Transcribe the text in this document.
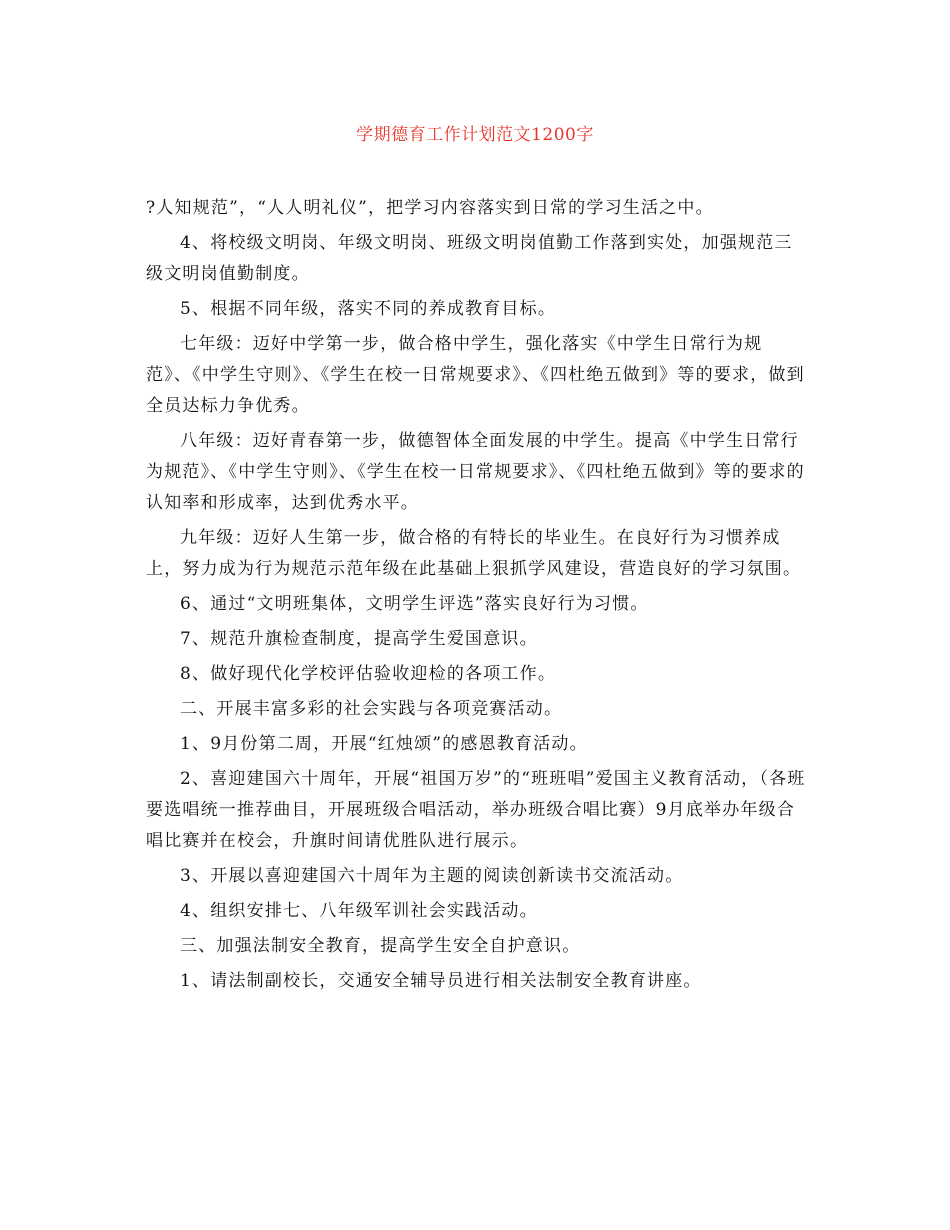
学期德育工作计划范文1200字

?人知规范”，“人人明礼仪”，把学习内容落实到日常的学习生活之中。

4、将校级文明岗、年级文明岗、班级文明岗值勤工作落到实处，加强规范三级文明岗值勤制度。

5、根据不同年级，落实不同的养成教育目标。

七年级：迈好中学第一步，做合格中学生，强化落实《中学生日常行为规范》、《中学生守则》、《学生在校一日常规要求》、《四杜绝五做到》等的要求，做到全员达标力争优秀。

八年级：迈好青春第一步，做德智体全面发展的中学生。提高《中学生日常行为规范》、《中学生守则》、《学生在校一日常规要求》、《四杜绝五做到》等的要求的认知率和形成率，达到优秀水平。

九年级：迈好人生第一步，做合格的有特长的毕业生。在良好行为习惯养成上，努力成为行为规范示范年级在此基础上狠抓学风建设，营造良好的学习氛围。

6、通过“文明班集体，文明学生评选”落实良好行为习惯。

7、规范升旗检查制度，提高学生爱国意识。

8、做好现代化学校评估验收迎检的各项工作。

二、开展丰富多彩的社会实践与各项竞赛活动。

1、9月份第二周，开展“红烛颂”的感恩教育活动。

2、喜迎建国六十周年，开展“祖国万岁”的“班班唱”爱国主义教育活动，（各班要选唱统一推荐曲目，开展班级合唱活动，举办班级合唱比赛）9月底举办年级合唱比赛并在校会，升旗时间请优胜队进行展示。

3、开展以喜迎建国六十周年为主题的阅读创新读书交流活动。

4、组织安排七、八年级军训社会实践活动。

三、加强法制安全教育，提高学生安全自护意识。

1、请法制副校长，交通安全辅导员进行相关法制安全教育讲座。
